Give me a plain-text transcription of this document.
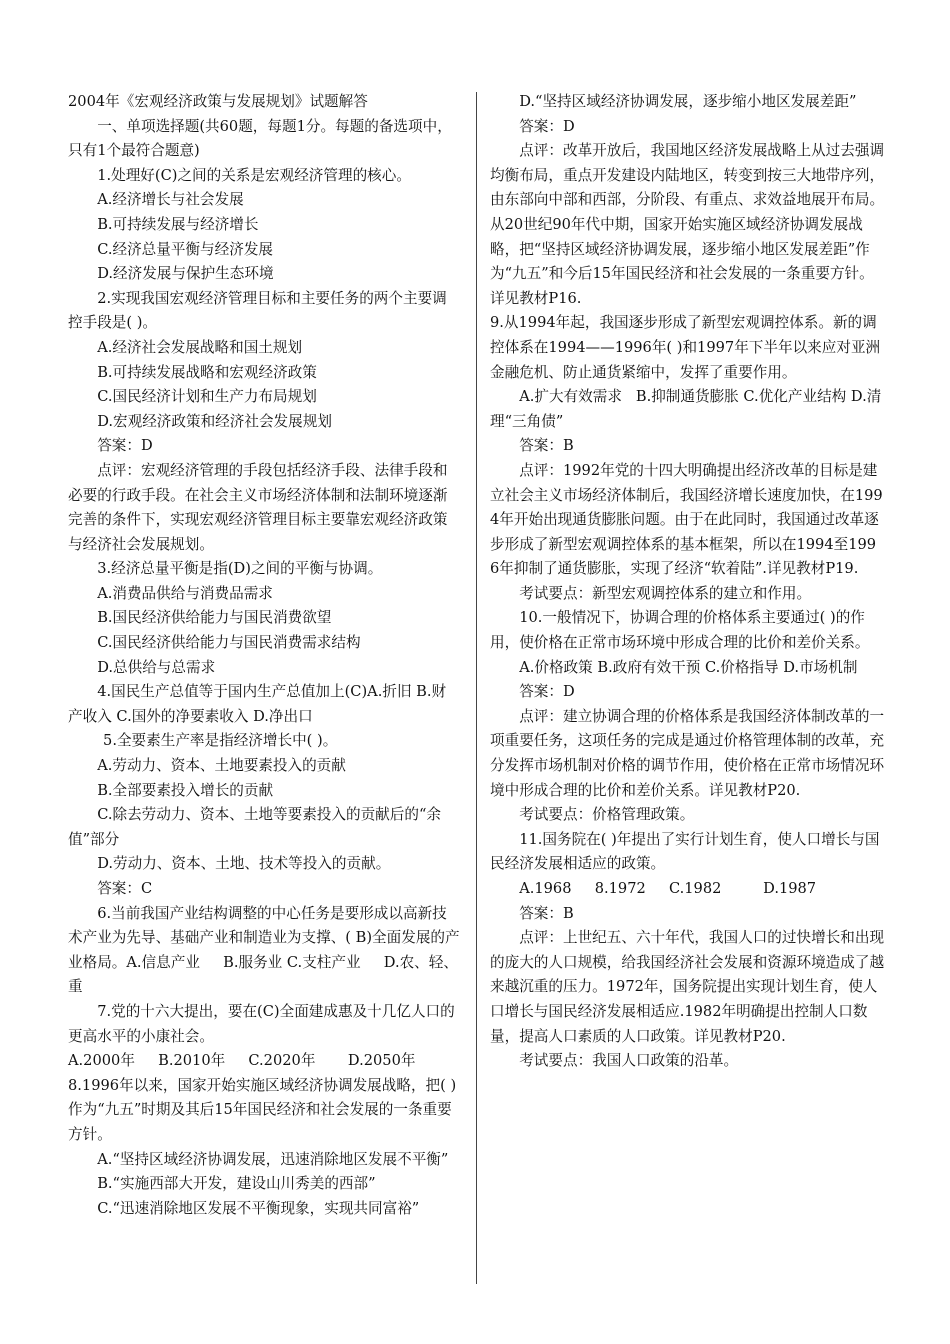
2004年《宏观经济政策与发展规划》试题解答

一、单项选择题(共60题，每题1分。每题的备选项中，只有1个最符合题意)

1.处理好(C)之间的关系是宏观经济管理的核心。

A.经济增长与社会发展

B.可持续发展与经济增长

C.经济总量平衡与经济发展

D.经济发展与保护生态环境

2.实现我国宏观经济管理目标和主要任务的两个主要调控手段是( )。

A.经济社会发展战略和国土规划

B.可持续发展战略和宏观经济政策

C.国民经济计划和生产力布局规划

D.宏观经济政策和经济社会发展规划

答案：D

点评：宏观经济管理的手段包括经济手段、法律手段和必要的行政手段。在社会主义市场经济体制和法制环境逐渐完善的条件下，实现宏观经济管理目标主要靠宏观经济政策与经济社会发展规划。

3.经济总量平衡是指(D)之间的平衡与协调。

A.消费品供给与消费品需求

B.国民经济供给能力与国民消费欲望

C.国民经济供给能力与国民消费需求结构

D.总供给与总需求

4.国民生产总值等于国内生产总值加上(C)A.折旧 B.财产收入 C.国外的净要素收入 D.净出口

5.全要素生产率是指经济增长中( )。

A.劳动力、资本、土地要素投入的贡献

B.全部要素投入增长的贡献

C.除去劳动力、资本、土地等要素投入的贡献后的“余值”部分

D.劳动力、资本、土地、技术等投入的贡献。

答案：C

6.当前我国产业结构调整的中心任务是要形成以高新技术产业为先导、基础产业和制造业为支撑、( B)全面发展的产业格局。A.信息产业     B.服务业 C.支柱产业     D.农、轻、重

7.党的十六大提出，要在(C)全面建成惠及十几亿人口的更高水平的小康社会。

A.2000年     B.2010年     C.2020年       D.2050年

8.1996年以来，国家开始实施区域经济协调发展战略，把( )作为“九五”时期及其后15年国民经济和社会发展的一条重要方针。

A.“坚持区域经济协调发展，迅速消除地区发展不平衡”

B.“实施西部大开发，建设山川秀美的西部”

C.“迅速消除地区发展不平衡现象，实现共同富裕”

D.“坚持区域经济协调发展，逐步缩小地区发展差距”

答案：D

点评：改革开放后，我国地区经济发展战略上从过去强调均衡布局，重点开发建设内陆地区，转变到按三大地带序列，由东部向中部和西部，分阶段、有重点、求效益地展开布局。从20世纪90年代中期，国家开始实施区域经济协调发展战略，把“坚持区域经济协调发展，逐步缩小地区发展差距”作为“九五”和今后15年国民经济和社会发展的一条重要方针。详见教材P16.

9.从1994年起，我国逐步形成了新型宏观调控体系。新的调控体系在1994——1996年( )和1997年下半年以来应对亚洲金融危机、防止通货紧缩中，发挥了重要作用。

A.扩大有效需求   B.抑制通货膨胀 C.优化产业结构 D.清理“三角债”

答案：B

点评：1992年党的十四大明确提出经济改革的目标是建立社会主义市场经济体制后，我国经济增长速度加快，在1994年开始出现通货膨胀问题。由于在此同时，我国通过改革逐步形成了新型宏观调控体系的基本框架，所以在1994至1996年抑制了通货膨胀，实现了经济“软着陆”.详见教材P19.

考试要点：新型宏观调控体系的建立和作用。

10.一般情况下，协调合理的价格体系主要通过( )的作用，使价格在正常市场环境中形成合理的比价和差价关系。

A.价格政策 B.政府有效干预 C.价格指导 D.市场机制

答案：D

点评：建立协调合理的价格体系是我国经济体制改革的一项重要任务，这项任务的完成是通过价格管理体制的改革，充分发挥市场机制对价格的调节作用，使价格在正常市场情况环境中形成合理的比价和差价关系。详见教材P20.

考试要点：价格管理政策。

11.国务院在( )年提出了实行计划生育，使人口增长与国民经济发展相适应的政策。

A.1968     8.1972     C.1982         D.1987

答案：B

点评：上世纪五、六十年代，我国人口的过快增长和出现的庞大的人口规模，给我国经济社会发展和资源环境造成了越来越沉重的压力。1972年，国务院提出实现计划生育，使人口增长与国民经济发展相适应.1982年明确提出控制人口数量，提高人口素质的人口政策。详见教材P20.

考试要点：我国人口政策的沿革。
